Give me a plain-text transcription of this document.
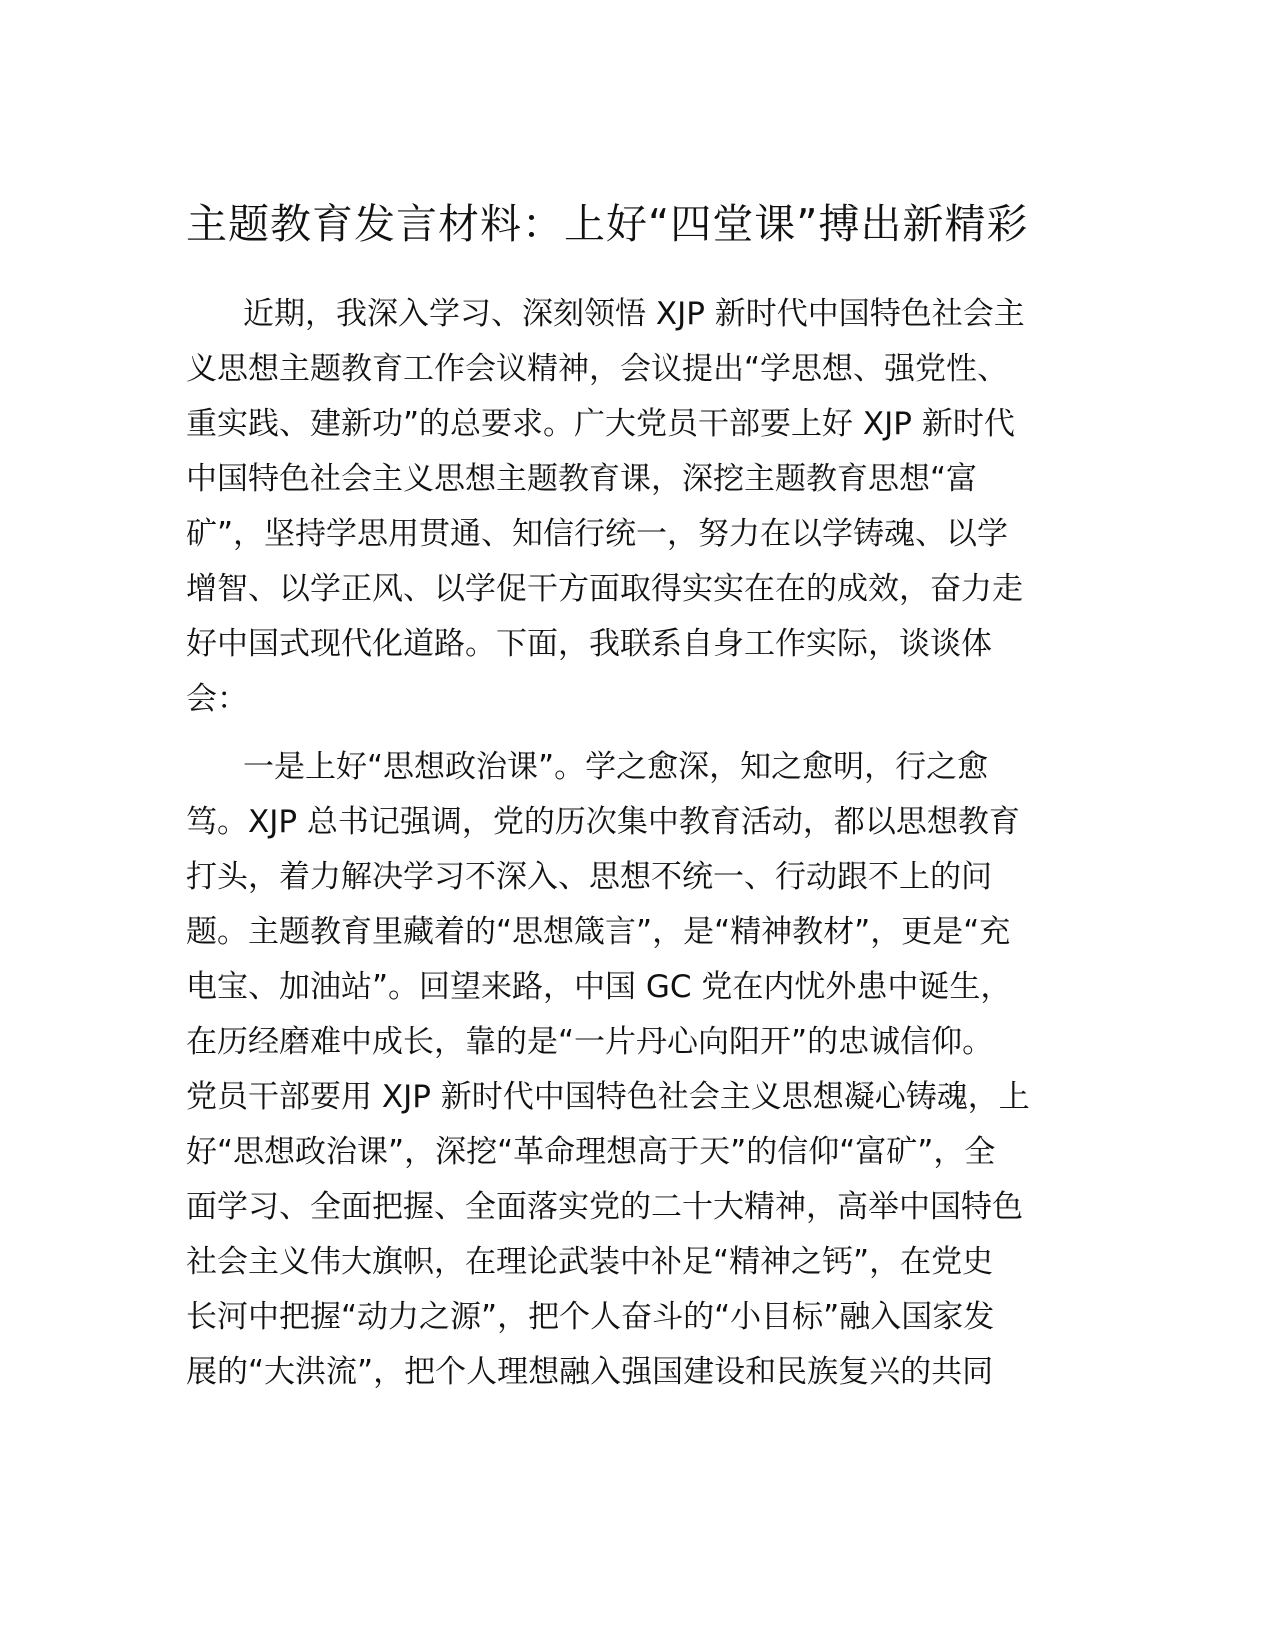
主题教育发言材料：上好“四堂课”搏出新精彩

近期，我深入学习、深刻领悟 XJP 新时代中国特色社会主

义思想主题教育工作会议精神，会议提出“学思想、强党性、

重实践、建新功”的总要求。广大党员干部要上好 XJP 新时代

中国特色社会主义思想主题教育课，深挖主题教育思想“富

矿”，坚持学思用贯通、知信行统一，努力在以学铸魂、以学

增智、以学正风、以学促干方面取得实实在在的成效，奋力走

好中国式现代化道路。下面，我联系自身工作实际，谈谈体

会：

一是上好“思想政治课”。学之愈深，知之愈明，行之愈

笃。XJP 总书记强调，党的历次集中教育活动，都以思想教育

打头，着力解决学习不深入、思想不统一、行动跟不上的问

题。主题教育里藏着的“思想箴言”，是“精神教材”，更是“充

电宝、加油站”。回望来路，中国 GC 党在内忧外患中诞生，

在历经磨难中成长，靠的是“一片丹心向阳开”的忠诚信仰。

党员干部要用 XJP 新时代中国特色社会主义思想凝心铸魂，上

好“思想政治课”，深挖“革命理想高于天”的信仰“富矿”，全

面学习、全面把握、全面落实党的二十大精神，高举中国特色

社会主义伟大旗帜，在理论武装中补足“精神之钙”，在党史

长河中把握“动力之源”，把个人奋斗的“小目标”融入国家发

展的“大洪流”，把个人理想融入强国建设和民族复兴的共同
